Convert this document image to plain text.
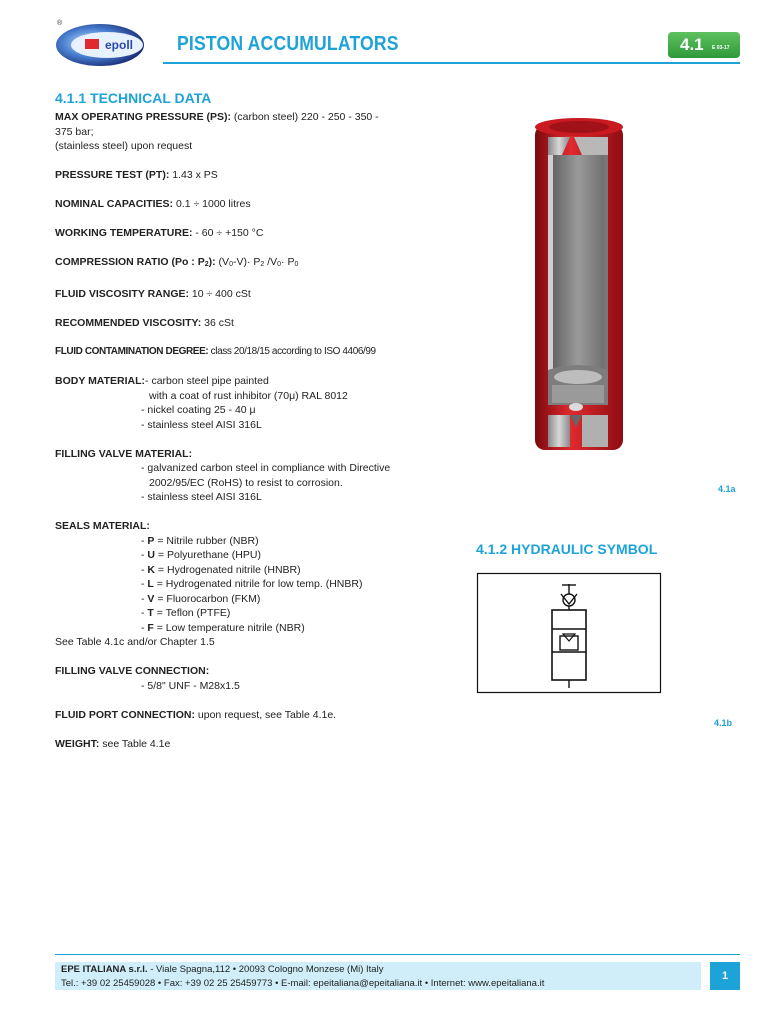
®
epoll PISTON ACCUMULATORS	4.1 E 03-17
4.1.1 TECHNICAL DATA

MAX OPERATING PRESSURE (PS): (carbon steel) 220 - 250 - 350 -

375 bar;

(stainless steel) upon request

PRESSURE TEST (PT): 1.43 x PS

NOMINAL CAPACITIES: 0.1 ÷ 1000 litres

WORKING TEMPERATURE: - 60 ÷ +150 °C

COMPRESSION RATIO (Po : P2): (V0-V)· P2 /V0· P0

FLUID VISCOSITY RANGE: 10 ÷ 400 cSt

RECOMMENDED VISCOSITY: 36 cSt

FLUID CONTAMINATION DEGREE: class 20/18/15 according to ISO 4406/99

BODY MATERIAL:- carbon steel pipe painted

with a coat of rust inhibitor (70μ) RAL 8012

- nickel coating 25 - 40 μ

- stainless steel AISI 316L

FILLING VALVE MATERIAL:

- galvanized carbon steel in compliance with Directive

2002/95/EC (RoHS) to resist to corrosion.

- stainless steel AISI 316L

SEALS MATERIAL:

- P = Nitrile rubber (NBR)

- U = Polyurethane (HPU)

- K = Hydrogenated nitrile (HNBR)

- L = Hydrogenated nitrile for low temp. (HNBR)

- V = Fluorocarbon (FKM)

- T = Teflon (PTFE)

- F = Low temperature nitrile (NBR)

See Table 4.1c and/or Chapter 1.5

FILLING VALVE CONNECTION:

- 5/8" UNF - M28x1.5

FLUID PORT CONNECTION: upon request, see Table 4.1e.

WEIGHT: see Table 4.1e

4.1a
4.1.2 HYDRAULIC SYMBOL
4.1b
EPE ITALIANA s.r.l. - Viale Spagna,112 • 20093 Cologno Monzese (Mi) Italy
Tel.: +39 02 25459028 • Fax: +39 02 25 25459773 • E-mail: epeitaliana@epeitaliana.it • Internet: www.epeitaliana.it
1
